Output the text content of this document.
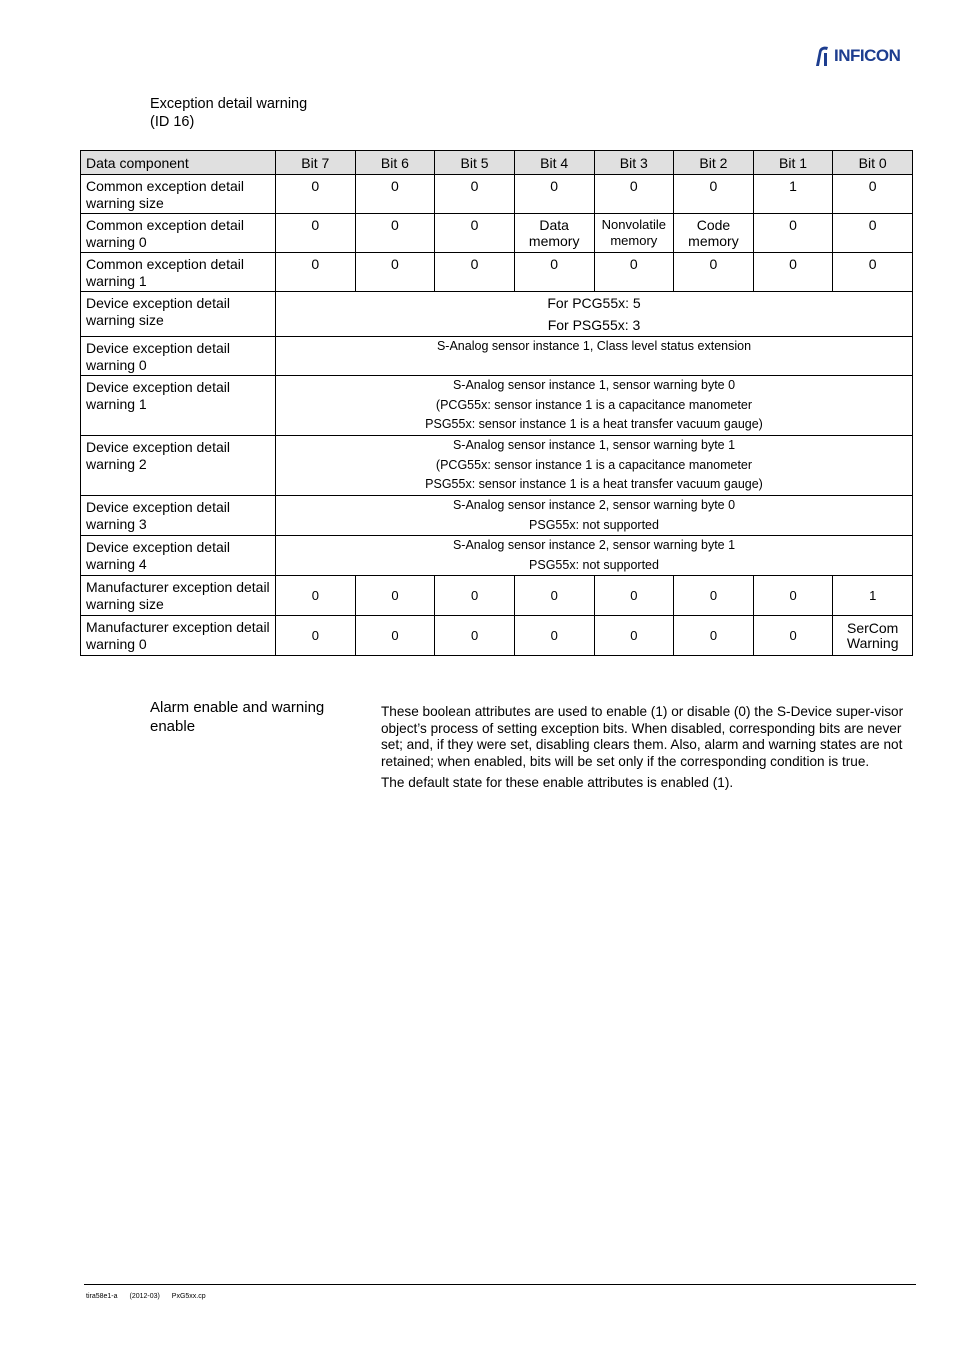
INFICON
Exception detail warning
(ID 16)
Data component	Bit 7	Bit 6	Bit 5	Bit 4	Bit 3	Bit 2	Bit 1	Bit 0
Common exception detail warning size	0	0	0	0	0	0	1	0
Common exception detail warning 0	0	0	0	Data memory	Nonvolatile memory	Code memory	0	0
Common exception detail warning 1	0	0	0	0	0	0	0	0
Device exception detail warning size	For PCG55x: 5
For PSG55x: 3							

Device exception detail warning 0	S-Analog sensor instance 1, Class level status extension							

Device exception detail warning 1	S-Analog sensor instance 1, sensor warning byte 0
(PCG55x: sensor instance 1 is a capacitance manometer
PSG55x: sensor instance 1 is a heat transfer vacuum gauge)							

Device exception detail warning 2	S-Analog sensor instance 1, sensor warning byte 1
(PCG55x: sensor instance 1 is a capacitance manometer
PSG55x: sensor instance 1 is a heat transfer vacuum gauge)							

Device exception detail warning 3	S-Analog sensor instance 2, sensor warning byte 0
PSG55x: not supported							

Device exception detail warning 4	S-Analog sensor instance 2, sensor warning byte 1
PSG55x: not supported							

Manufacturer exception detail warning size	0	0	0	0	0	0	0	1
Manufacturer exception detail warning 0	0	0	0	0	0	0	0	SerCom Warning
Alarm enable and warning enable

These boolean attributes are used to enable (1) or disable (0) the S-Device super-visor object’s process of setting exception bits. When disabled, corresponding bits are never set; and, if they were set, disabling clears them. Also, alarm and warning states are not retained; when enabled, bits will be set only if the corresponding condition is true.

The default state for these enable attributes is enabled (1).

tira58e1-a (2012-03) PxG5xx.cp
